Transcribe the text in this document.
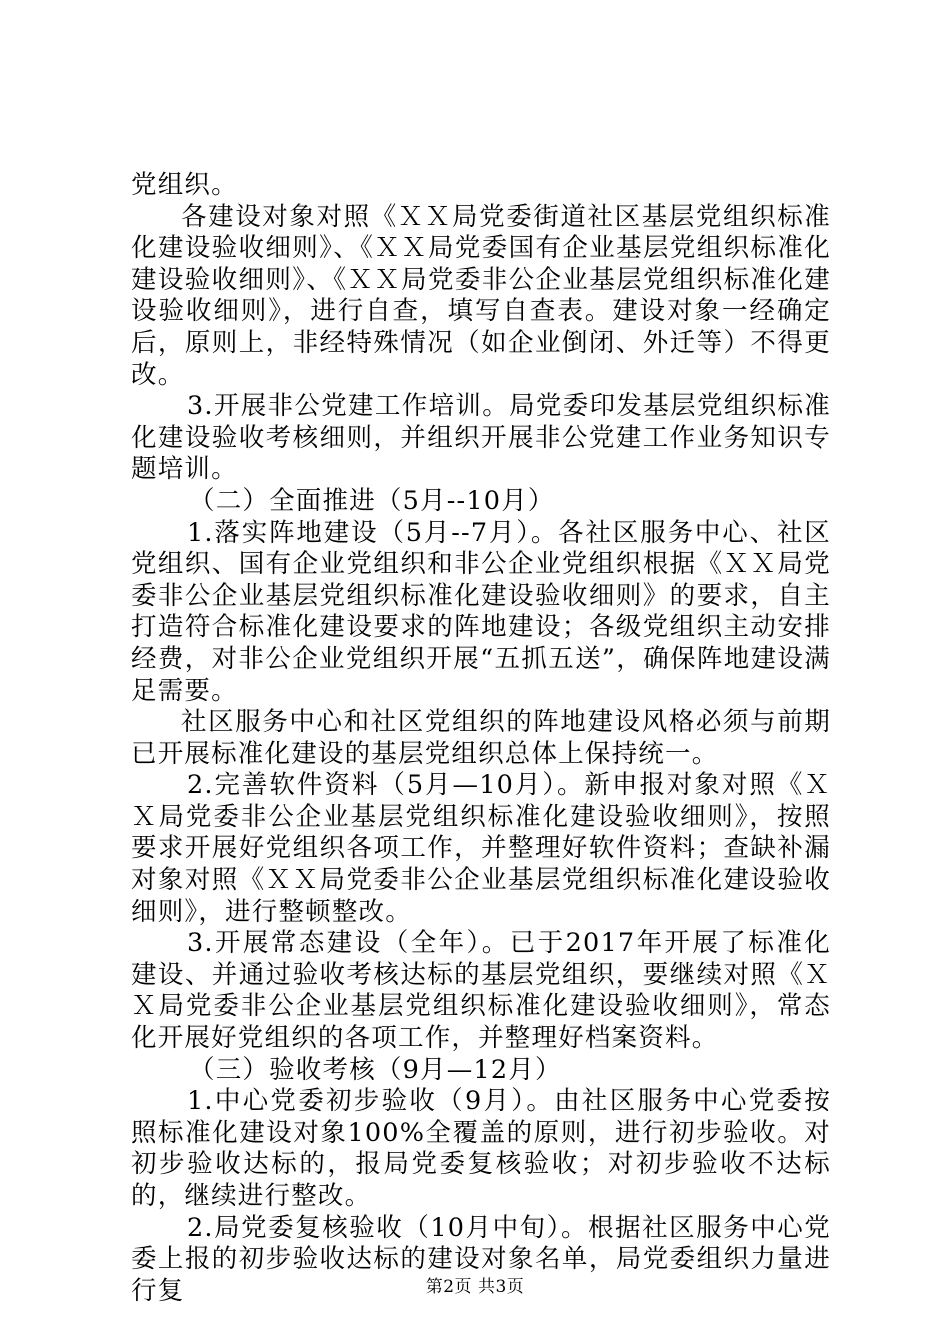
党组织。

各建设对象对照《ＸＸ局党委街道社区基层党组织标准化建设验收细则》、《ＸＸ局党委国有企业基层党组织标准化建设验收细则》、《ＸＸ局党委非公企业基层党组织标准化建设验收细则》，进行自查，填写自查表。建设对象一经确定后，原则上，非经特殊情况（如企业倒闭、外迁等）不得更改。

3.开展非公党建工作培训。局党委印发基层党组织标准化建设验收考核细则，并组织开展非公党建工作业务知识专题培训。

（二）全面推进（5月--10月）

1.落实阵地建设（5月--7月）。各社区服务中心、社区党组织、国有企业党组织和非公企业党组织根据《ＸＸ局党委非公企业基层党组织标准化建设验收细则》的要求，自主打造符合标准化建设要求的阵地建设；各级党组织主动安排经费，对非公企业党组织开展“五抓五送”，确保阵地建设满足需要。

社区服务中心和社区党组织的阵地建设风格必须与前期已开展标准化建设的基层党组织总体上保持统一。

2.完善软件资料（5月—10月）。新申报对象对照《ＸＸ局党委非公企业基层党组织标准化建设验收细则》，按照要求开展好党组织各项工作，并整理好软件资料；查缺补漏对象对照《ＸＸ局党委非公企业基层党组织标准化建设验收细则》，进行整顿整改。

3.开展常态建设（全年）。已于2017年开展了标准化建设、并通过验收考核达标的基层党组织，要继续对照《ＸＸ局党委非公企业基层党组织标准化建设验收细则》，常态化开展好党组织的各项工作，并整理好档案资料。

（三）验收考核（9月—12月）

1.中心党委初步验收（9月）。由社区服务中心党委按照标准化建设对象100%全覆盖的原则，进行初步验收。对初步验收达标的，报局党委复核验收；对初步验收不达标的，继续进行整改。

2.局党委复核验收（10月中旬）。根据社区服务中心党委上报的初步验收达标的建设对象名单，局党委组织力量进行复	第2页 共3页
